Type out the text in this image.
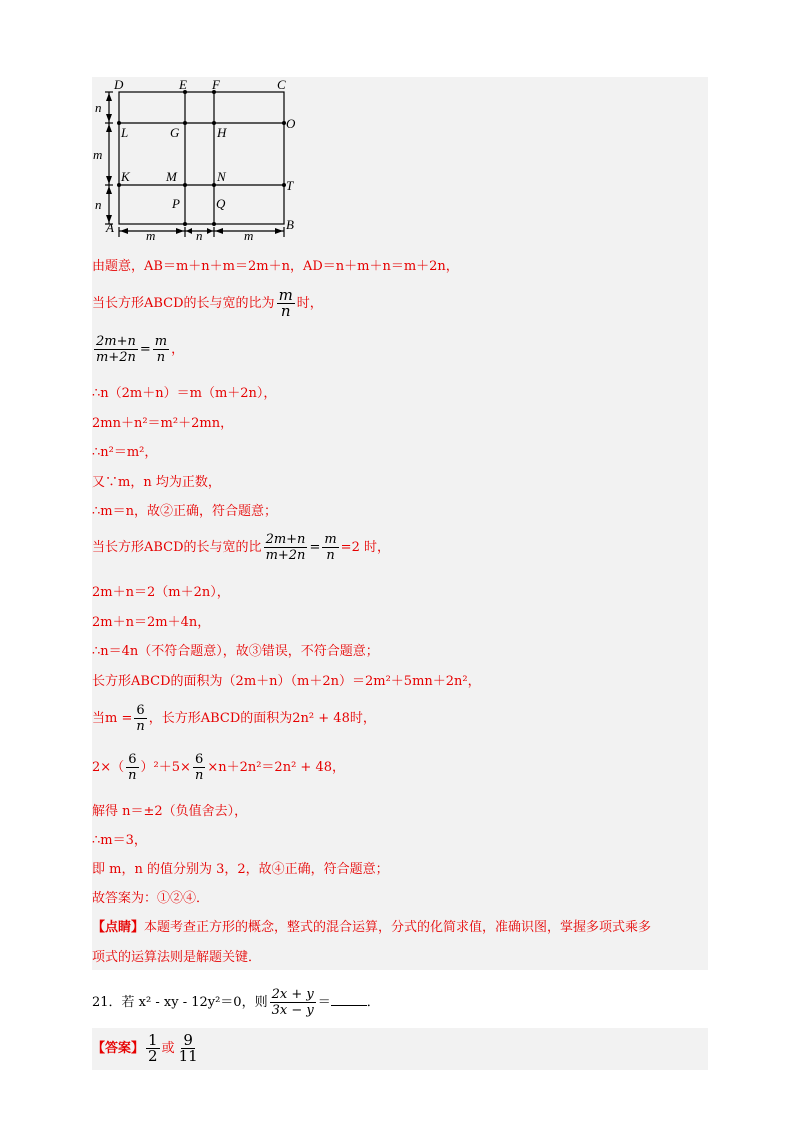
D	E F	C
L	G	H
O
K	M	N
T
A
P	Q
B
n
m
n
m	n	m
由题意，AB＝m＋n＋m＝2m＋n，AD＝n＋m＋n＝m＋2n，
当长方形ABCD的长与宽的比为 $\frac{m}{n}$ 时，
$\frac{2m+n}{m+2n} = \frac{m}{n}$ ，
∴n（2m＋n）＝m（m＋2n），
2mn＋n²＝m²＋2mn，
∴n²＝m²，
又∵m，n 均为正数，
∴m＝n，故②正确，符合题意；
当长方形ABCD的长与宽的比 $\frac{2m+n}{m+2n} = \frac{m}{n} =2$ 时，
2m＋n＝2（m＋2n），
2m＋n＝2m＋4n，
∴n＝4n（不符合题意），故③错误，不符合题意；
长方形ABCD的面积为（2m＋n）（m＋2n）＝2m²＋5mn＋2n²，
当$m = \frac{6}{n}$ ，长方形ABCD的面积为2n² + 48时，
$2\times( \frac{6}{n} )^2+5\times \frac{6}{n} \times n+2n^2=2n^2 + 48$，
解得 n＝±2（负值舍去），
∴m＝3，
即 m，n 的值分别为 3，2，故④正确，符合题意；
故答案为：①②④．
【点睛】本题考查正方形的概念，整式的混合运算，分式的化简求值，准确识图，掌握多项式乘多
项式的运算法则是解题关键．
21．若 x² - xy - 12y²＝0，则 $\frac{2x + y}{3x - y}$ ＝	．
【答案】 $\frac{1}{2}$ 或 $\frac{9}{11}$
